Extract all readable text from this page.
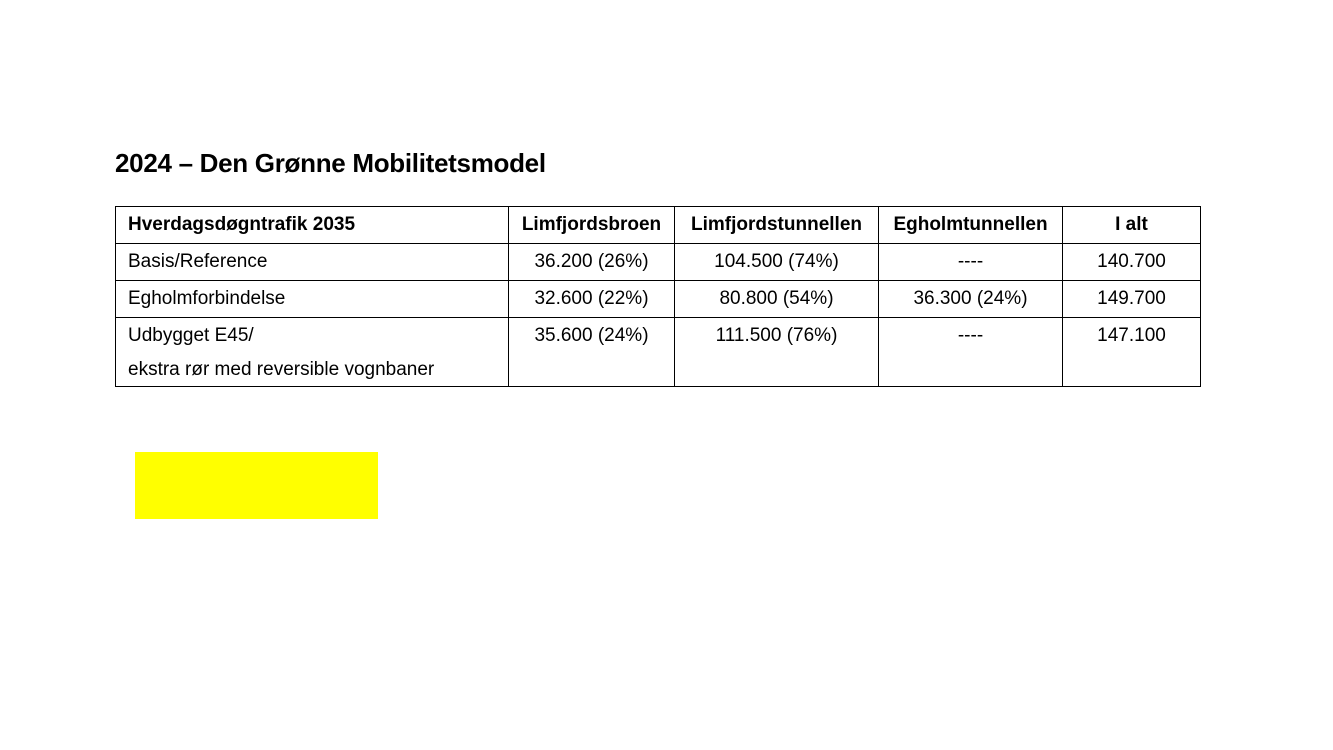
2024 – Den Grønne Mobilitetsmodel
Hverdagsdøgntrafik 2035	Limfjordsbroen	Limfjordstunnellen	Egholmtunnellen	I alt

Basis/Reference	36.200 (26%)	104.500 (74%)	----	140.700

Egholmforbindelse	32.600 (22%)	80.800 (54%)	36.300 (24%)	149.700

Udbygget E45/
ekstra rør med reversible vognbaner	35.600 (24%)	111.500 (76%)	----	147.100
